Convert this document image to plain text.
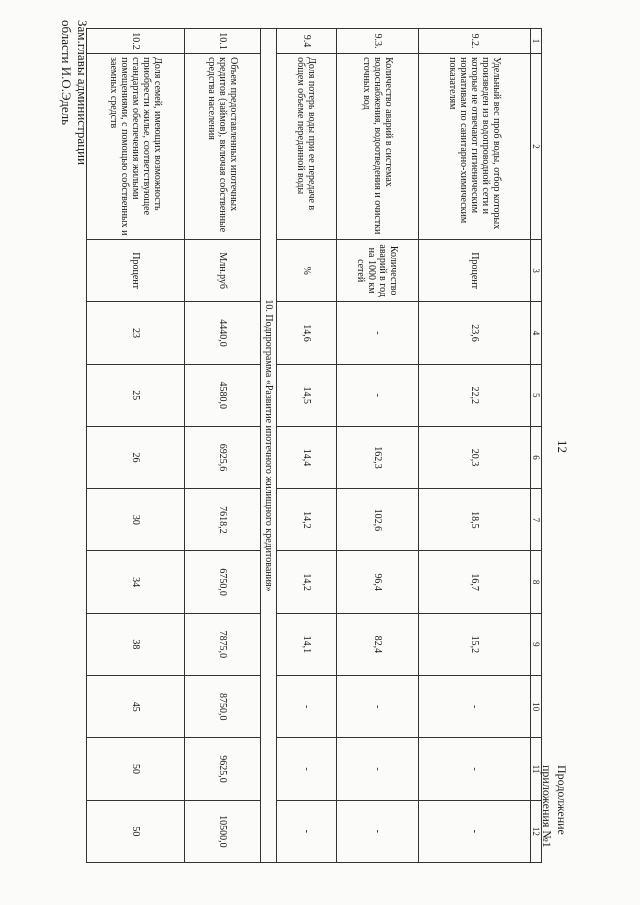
12
Продолжение приложения №1
1	2	3	4	5	6	7	8	9	10	11	12
9.2.	Удельный вес проб воды, отбор которых произведен из водопроводной сети и которые не отвечают гигиеническим нормативам по санитарно-химическим показателям	Процент	23,6	22,2	20,3	18,5	16,7	15,2	-	-	-
9.3.	Количество аварий в системах водоснабжения, водоотведения и очистки сточных вод	Количество аварий в год на 1000 км сетей	-	-	162,3	102,6	96,4	82,4	-	-	-
9.4	Доля потерь воды при ее передаче в общем объеме переданной воды	%	14,6	14,5	14,4	14,2	14,2	14,1	-	-	-
10. Подпрограмма «Развитие ипотечного жилищного кредитования»											
10.1	Объем предоставленных ипотечных кредитов (займов), включая собственные средства населения	Млн.руб	4440,0	4580,0	6925,6	7618,2	6750,0	7875,0	8750,0	9625,0	10500,0
10.2	Доля семей, имеющих возможность приобрести жилье, соответствующее стандартам обеспечения жилыми помещениями, с помощью собственных и заемных средств	Процент	23	25	26	30	34	38	45	50	50
Зам.главы администрации
области И.О.Эдель
